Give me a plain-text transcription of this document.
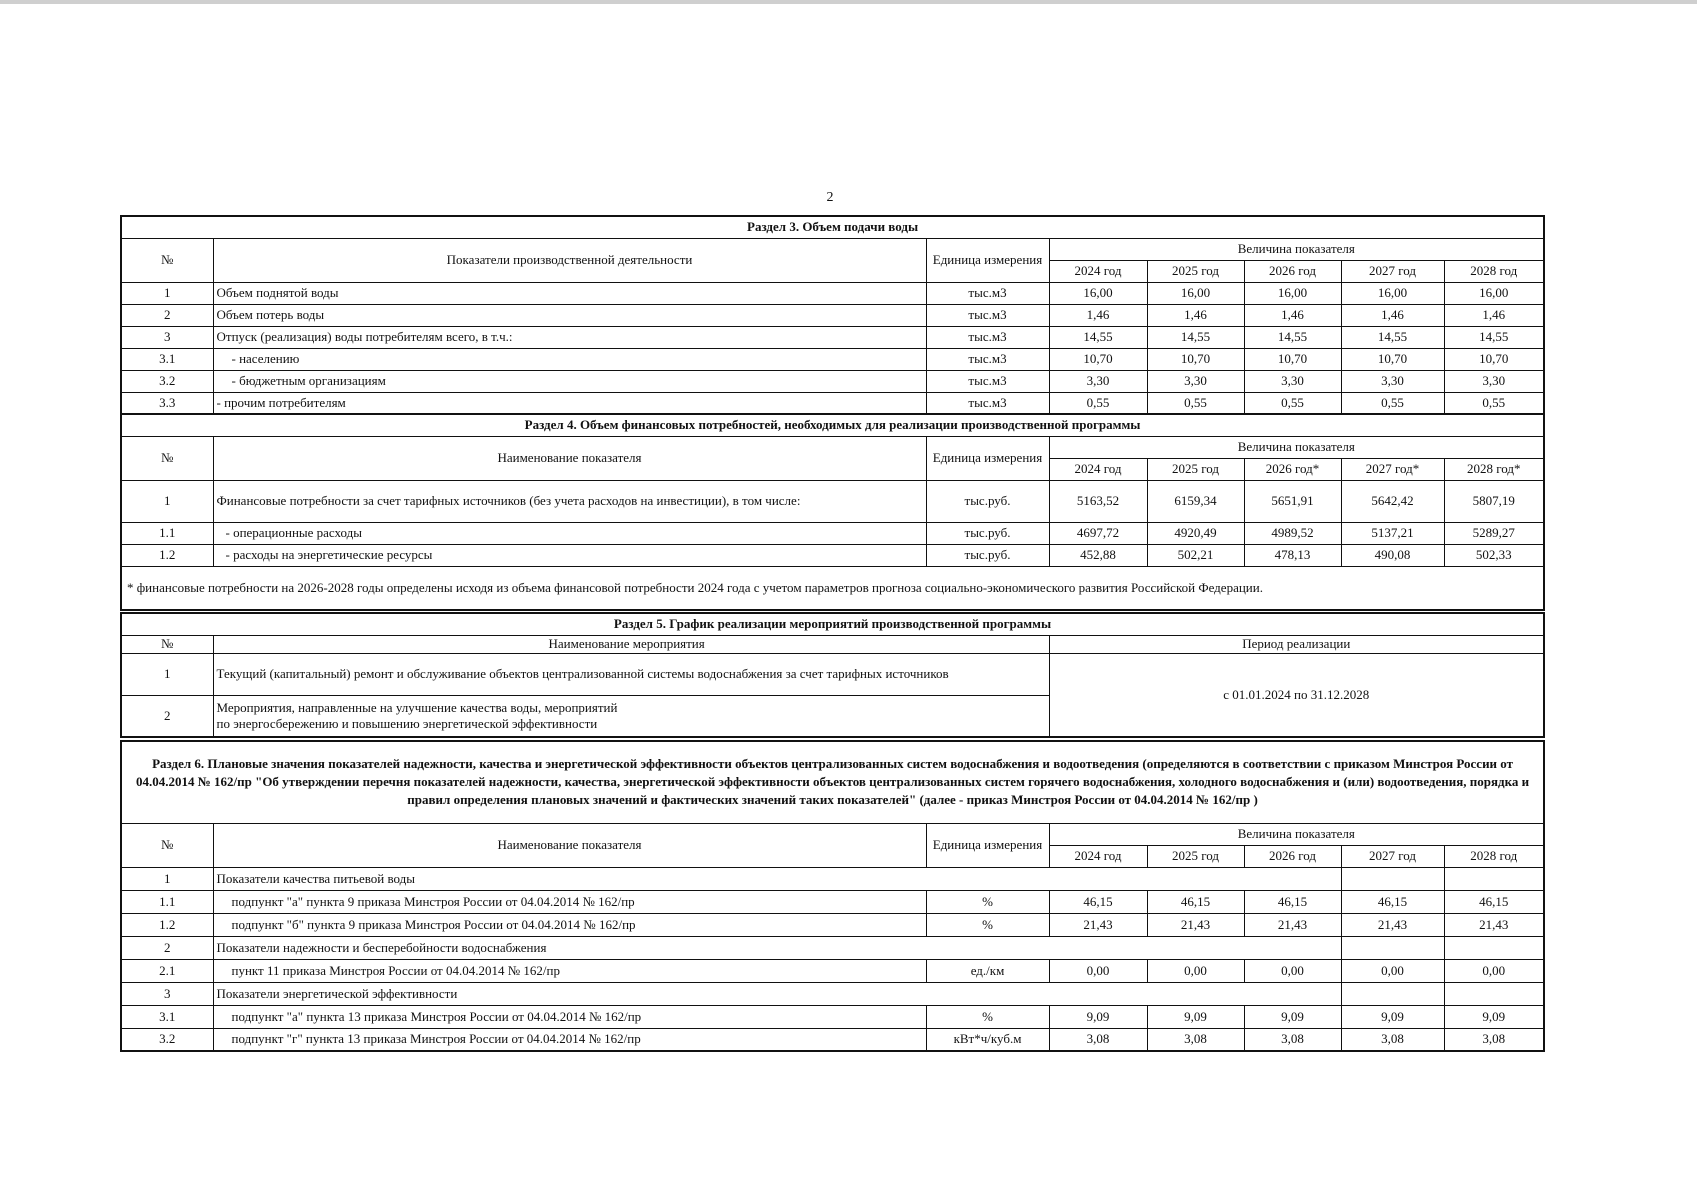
2
Раздел 3. Объем подачи воды							
№	Показатели производственной деятельности	Единица измерения	Величина показателя				
			2024 год	2025 год	2026 год	2027 год	2028 год
1	Объем поднятой воды	тыс.м3	16,00	16,00	16,00	16,00	16,00
2	Объем потерь воды	тыс.м3	1,46	1,46	1,46	1,46	1,46
3	Отпуск (реализация) воды потребителям всего, в т.ч.:	тыс.м3	14,55	14,55	14,55	14,55	14,55
3.1	- населению	тыс.м3	10,70	10,70	10,70	10,70	10,70
3.2	- бюджетным организациям	тыс.м3	3,30	3,30	3,30	3,30	3,30
3.3	- прочим потребителям	тыс.м3	0,55	0,55	0,55	0,55	0,55
Раздел 4. Объем финансовых потребностей, необходимых для реализации производственной программы							
№	Наименование показателя	Единица измерения	Величина показателя				
			2024 год	2025 год	2026 год*	2027 год*	2028 год*
1	Финансовые потребности за счет тарифных источников (без учета расходов на инвестиции), в том числе:	тыс.руб.	5163,52	6159,34	5651,91	5642,42	5807,19
1.1	- операционные расходы	тыс.руб.	4697,72	4920,49	4989,52	5137,21	5289,27
1.2	- расходы на энергетические ресурсы	тыс.руб.	452,88	502,21	478,13	490,08	502,33
* финансовые потребности на 2026-2028 годы определены исходя из объема финансовой потребности 2024 года с учетом параметров прогноза социально-экономического развития Российской Федерации.							
Раздел 5. График реализации мероприятий производственной программы		
№	Наименование мероприятия	Период реализации
1	Текущий (капитальный) ремонт и обслуживание объектов централизованной системы водоснабжения за счет тарифных источников	с 01.01.2024 по 31.12.2028
2	Мероприятия, направленные на улучшение качества воды, мероприятий
по энергосбережению и повышению энергетической эффективности	
Раздел 6. Плановые значения показателей надежности, качества и энергетической эффективности объектов централизованных систем водоснабжения и водоотведения (определяются в соответствии с приказом Минстроя России от 04.04.2014 № 162/пр "Об утверждении перечня показателей надежности, качества, энергетической эффективности объектов централизованных систем горячего водоснабжения, холодного водоснабжения и (или) водоотведения, порядка и правил определения плановых значений и фактических значений таких показателей" (далее - приказ Минстроя России от 04.04.2014 № 162/пр )							
№	Наименование показателя	Единица измерения	Величина показателя				
			2024 год	2025 год	2026 год	2027 год	2028 год
1	Показатели качества питьевой воды						
1.1	подпункт "а" пункта 9 приказа Минстроя России от 04.04.2014 № 162/пр	%	46,15	46,15	46,15	46,15	46,15
1.2	подпункт "б" пункта 9 приказа Минстроя России от 04.04.2014 № 162/пр	%	21,43	21,43	21,43	21,43	21,43
2	Показатели надежности и бесперебойности водоснабжения						
2.1	пункт 11 приказа Минстроя России от 04.04.2014 № 162/пр	ед./км	0,00	0,00	0,00	0,00	0,00
3	Показатели энергетической эффективности						
3.1	подпункт "а" пункта 13 приказа Минстроя России от 04.04.2014 № 162/пр	%	9,09	9,09	9,09	9,09	9,09
3.2	подпункт "г" пункта 13 приказа Минстроя России от 04.04.2014 № 162/пр	кВт*ч/куб.м	3,08	3,08	3,08	3,08	3,08
